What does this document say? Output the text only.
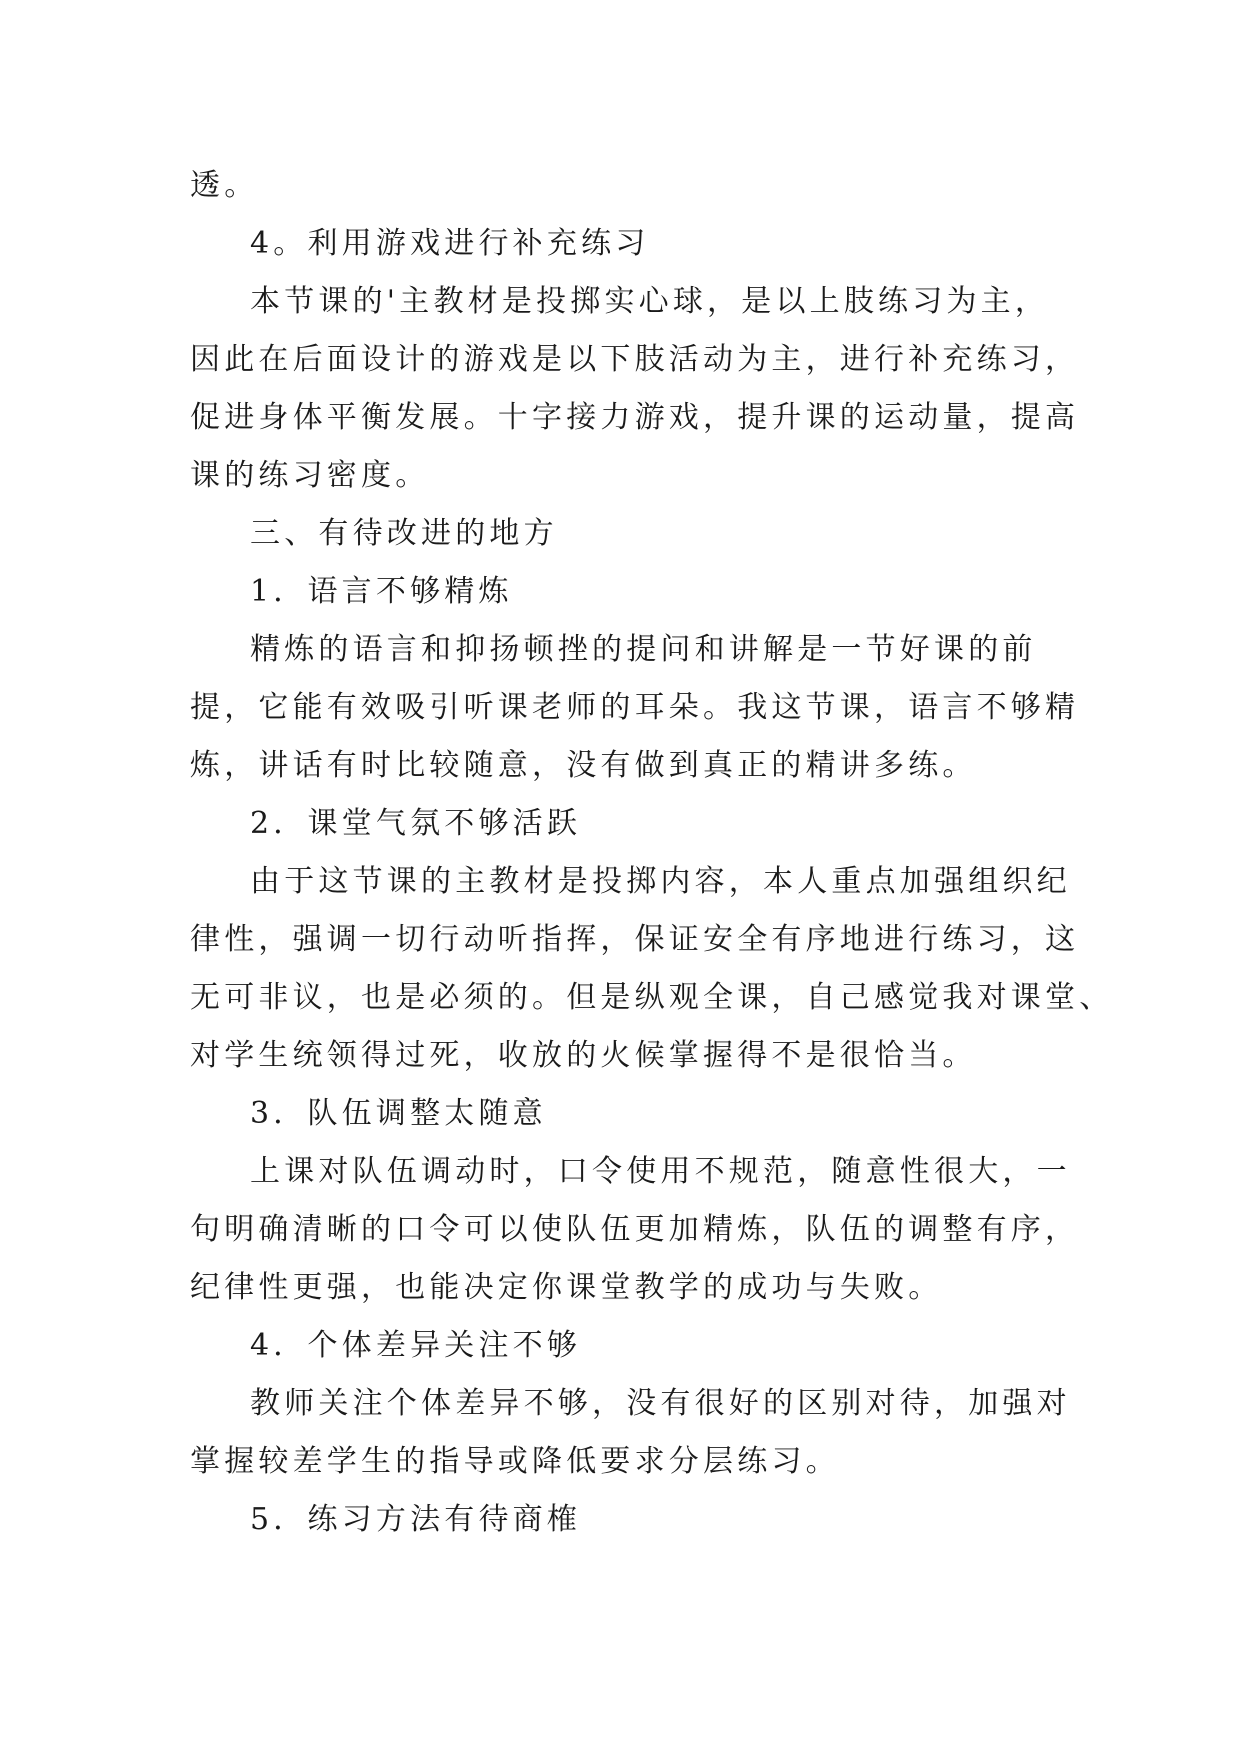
透。
4。利用游戏进行补充练习
本节课的'主教材是投掷实心球，是以上肢练习为主，
因此在后面设计的游戏是以下肢活动为主，进行补充练习，
促进身体平衡发展。十字接力游戏，提升课的运动量，提高
课的练习密度。
三、有待改进的地方
1．语言不够精炼
精炼的语言和抑扬顿挫的提问和讲解是一节好课的前
提，它能有效吸引听课老师的耳朵。我这节课，语言不够精
炼，讲话有时比较随意，没有做到真正的精讲多练。
2．课堂气氛不够活跃
由于这节课的主教材是投掷内容，本人重点加强组织纪
律性，强调一切行动听指挥，保证安全有序地进行练习，这
无可非议，也是必须的。但是纵观全课，自己感觉我对课堂、
对学生统领得过死，收放的火候掌握得不是很恰当。
3．队伍调整太随意
上课对队伍调动时，口令使用不规范，随意性很大，一
句明确清晰的口令可以使队伍更加精炼，队伍的调整有序，
纪律性更强，也能决定你课堂教学的成功与失败。
4．个体差异关注不够
教师关注个体差异不够，没有很好的区别对待，加强对
掌握较差学生的指导或降低要求分层练习。
5．练习方法有待商榷
